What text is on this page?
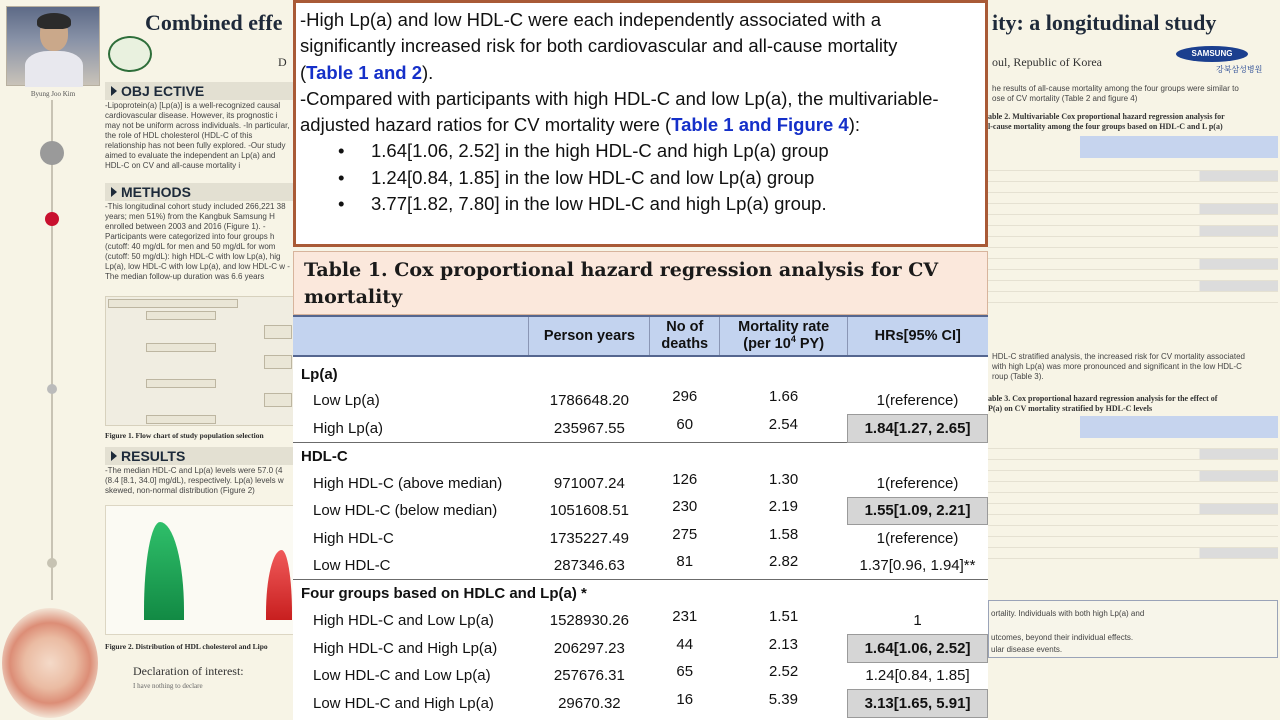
Byung Joo Kim
Combined effe	ity: a longitudinal study
D	oul, Republic of Korea
SAMSUNG
강북삼성병원
OBJ ECTIVE
-Lipoprotein(a) [Lp(a)] is a well-recognized causal cardiovascular disease. However, its prognostic i may not be uniform across individuals. -In particular, the role of HDL cholesterol (HDL-C of this relationship has not been fully explored. -Our study aimed to evaluate the independent an Lp(a) and HDL-C on CV and all-cause mortality i
METHODS
-This longitudinal cohort study included 266,221 38 years; men 51%) from the Kangbuk Samsung H enrolled between 2003 and 2016 (Figure 1). -Participants were categorized into four groups h (cutoff: 40 mg/dL for men and 50 mg/dL for wom (cutoff: 50 mg/dL): high HDL-C with low Lp(a), hig Lp(a), low HDL-C with low Lp(a), and low HDL-C w -The median follow-up duration was 6.6 years
Figure 1. Flow chart of study population selection
RESULTS
-The median HDL-C and Lp(a) levels were 57.0 (4 (8.4 [8.1, 34.0] mg/dL), respectively. Lp(a) levels w skewed, non-normal distribution (Figure 2)
Figure 2. Distribution of HDL cholesterol and Lipo
Declaration of interest:
I have nothing to declare
he results of all-cause mortality among the four groups were similar to
ose of CV mortality (Table 2 and figure 4)
able 2. Multivariable Cox proportional hazard regression analysis for
l-cause mortality among the four groups based on HDL-C and L p(a)
HDL-C stratified analysis, the increased risk for CV mortality associated
with high Lp(a) was more pronounced and significant in the low HDL-C
roup (Table 3).
able 3. Cox proportional hazard regression analysis for the effect of
P(a) on CV mortality stratified by HDL-C levels
ortality. Individuals with both high Lp(a) and
utcomes, beyond their individual effects.
ular disease events.
-High Lp(a) and low HDL-C were each independently associated with a significantly increased risk for both cardiovascular and all-cause mortality (Table 1 and 2).
-Compared with participants with high HDL-C and low Lp(a), the multivariable-adjusted hazard ratios for CV mortality were (Table 1 and Figure 4):
• 1.64[1.06, 2.52] in the high HDL-C and high Lp(a) group
• 1.24[0.84, 1.85] in the low HDL-C and low Lp(a) group
• 3.77[1.82, 7.80] in the low HDL-C and high Lp(a) group.
Table 1. Cox proportional hazard regression analysis for CV mortality
	Person years	No of
deaths	Mortality rate
(per $10^4$ PY)	HRs[95% CI]
Lp(a)				
Low Lp(a)	1786648.20	296	1.66	1(reference)
High Lp(a)	235967.55	60	2.54	1.84[1.27, 2.65]
HDL-C				
High HDL-C (above median)	971007.24	126	1.30	1(reference)
Low HDL-C (below median)	1051608.51	230	2.19	1.55[1.09, 2.21]
High HDL-C	1735227.49	275	1.58	1(reference)
Low HDL-C	287346.63	81	2.82	1.37[0.96, 1.94]**
Four groups based on HDLC and Lp(a) *				
High HDL-C and Low Lp(a)	1528930.26	231	1.51	1
High HDL-C and High Lp(a)	206297.23	44	2.13	1.64[1.06, 2.52]
Low HDL-C and Low Lp(a)	257676.31	65	2.52	1.24[0.84, 1.85]
Low HDL-C and High Lp(a)	29670.32	16	5.39	3.13[1.65, 5.91]
